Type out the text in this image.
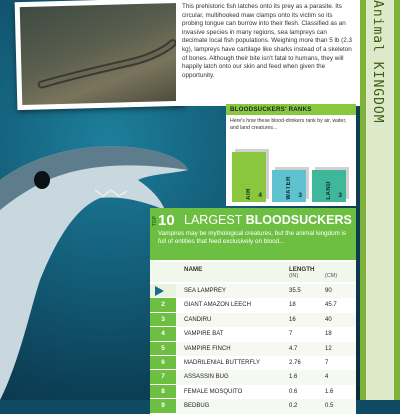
This prehistoric fish latches onto its prey as a parasite. Its circular, multihooked maw clamps onto its victim so its probing tongue can burrow into their flesh. Classified as an invasive species in many regions, sea lampreys can decimate local fish populations. Weighing more than 5 lb (2.3 kg), lampreys have cartilage like sharks instead of a skeleton of bones. Although their bite isn't fatal to humans, they will happily latch onto our skin and feed when given the opportunity.

BLOODSUCKERS' RANKS
Here's how these blood-drinkers rank by air, water, and land creatures...
AIR 4	WATER 3	LAND 3
TOP 10 LARGEST BLOODSUCKERS
Vampires may be mythological creatures, but the animal kingdom is full of entities that feed exclusively on blood...
NAME	LENGTH
(IN)	(CM)
SEA LAMPREY	35.5	90
2	GIANT AMAZON LEECH	18	45.7
3	CANDIRU	16	40
4	VAMPIRE BAT	7	18
5	VAMPIRE FINCH	4.7	12
6	MADRILENIAL BUTTERFLY	2.76	7
7	ASSASSIN BUG	1.6	4
8	FEMALE MOSQUITO	0.6	1.6
9	BEDBUG	0.2	0.5
Animal KINGDOM
